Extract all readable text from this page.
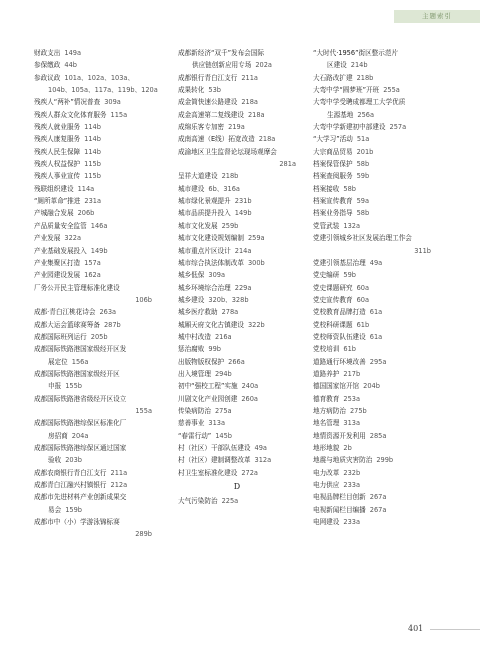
主题索引
财政支出 149a
参保缴政 44b
参政议政 101a、102a、103a、
104b、105a、117a、119b、120a
残疾人“两补”情况普查 309a
残疾人群众文化体育服务 115a
残疾人就业服务 114b
残疾人康复服务 114b
残疾人民生保障 114b
残疾人权益保护 115b
残疾人事业宣传 115b
残联组织建设 114a
“厕所革命”推进 231a
产城融合发展 206b
产品质量安全监管 146a
产业发展 322a
产业基础发展投入 149b
产业集聚区打造 157a
产业园建设发展 162a
厂务公开民主管理标准化建设
106b
成都·青白江桃花诗会 263a
成都大运会篮球赛筹备 287b
成都国际班列运行 205b
成都国际铁路港国家级经开区发
展定位 156a
成都国际铁路港国家级经开区
申报 155b
成都国际铁路港省级经开区设立
155a
成都国际铁路港综保区标准化厂
房招商 204a
成都国际铁路港综保区通过国家
验收 203b
成都农商银行青白江支行 211a
成都青白江融兴村镇银行 212a
成都市先进材料产业创新成果交
易会 159b
成都市中（小）学游泳锦标赛
289b
成都新经济“双千”发布会国际
供应链创新应用专场 202a
成都银行青白江支行 211a
成果转化 53b
成金简快速公路建设 218a
成金高速第二复线建设 218a
成绵乐客专加密 219a
成南高速（E线）拓宽改造 218a
成渝地区卫生监督论坛现场观摩会
281a
呈祥大道建设 218b
城市建设 6b、316a
城市绿化景观提升 231b
城市品质提升投入 149b
城市文化发展 259b
城市文化建设规划编制 259a
城市重点片区设计 214a
城市综合执法体制改革 300b
城乡低保 309a
城乡环境综合治理 229a
城乡建设 320b、328b
城乡医疗救助 278a
城厢天府文化古镇建设 322b
城中村改造 216a
惩治腐败 99b
出版物版权保护 266a
出入境管理 294b
初中“强校工程”实施 240a
川剧文化产业园创建 260a
传染病防治 275a
慈善事业 313a
“春雷行动” 145b
村（社区）干部队伍建设 49a
村（社区）建制调整改革 312a
村卫生室标准化建设 272a
D
大气污染防治 225a
“大时代·1956”街区整示范片
区建设 214b
大石路改扩建 218b
大弯中学“圆梦班”开班 255a
大弯中学受聘成都理工大学优质
生源基地 256a
大弯中学新建初中部建设 257a
“大学习”活动 51a
大宗商品贸易 201b
档案保管保护 58b
档案查阅服务 59b
档案接收 58b
档案宣传教育 59a
档案业务指导 58b
党管武装 132a
党建引领城乡社区发展治理工作会
311b
党建引领基层治理 49a
党史编研 59b
党史课题研究 60a
党史宣传教育 60a
党校教育品牌打造 61a
党校科研课题 61b
党校师资队伍建设 61a
党校培训 61b
道路通行环境改善 295a
道路养护 217b
德国国家馆开馆 204b
德育教育 253a
地方病防治 275b
地名管理 313a
地情资源开发利用 285a
地形地貌 2b
地震与地质灾害防治 299b
电力改革 232b
电力供应 233a
电视品牌栏目创新 267a
电视新闻栏目编播 267a
电网建设 233a
401
